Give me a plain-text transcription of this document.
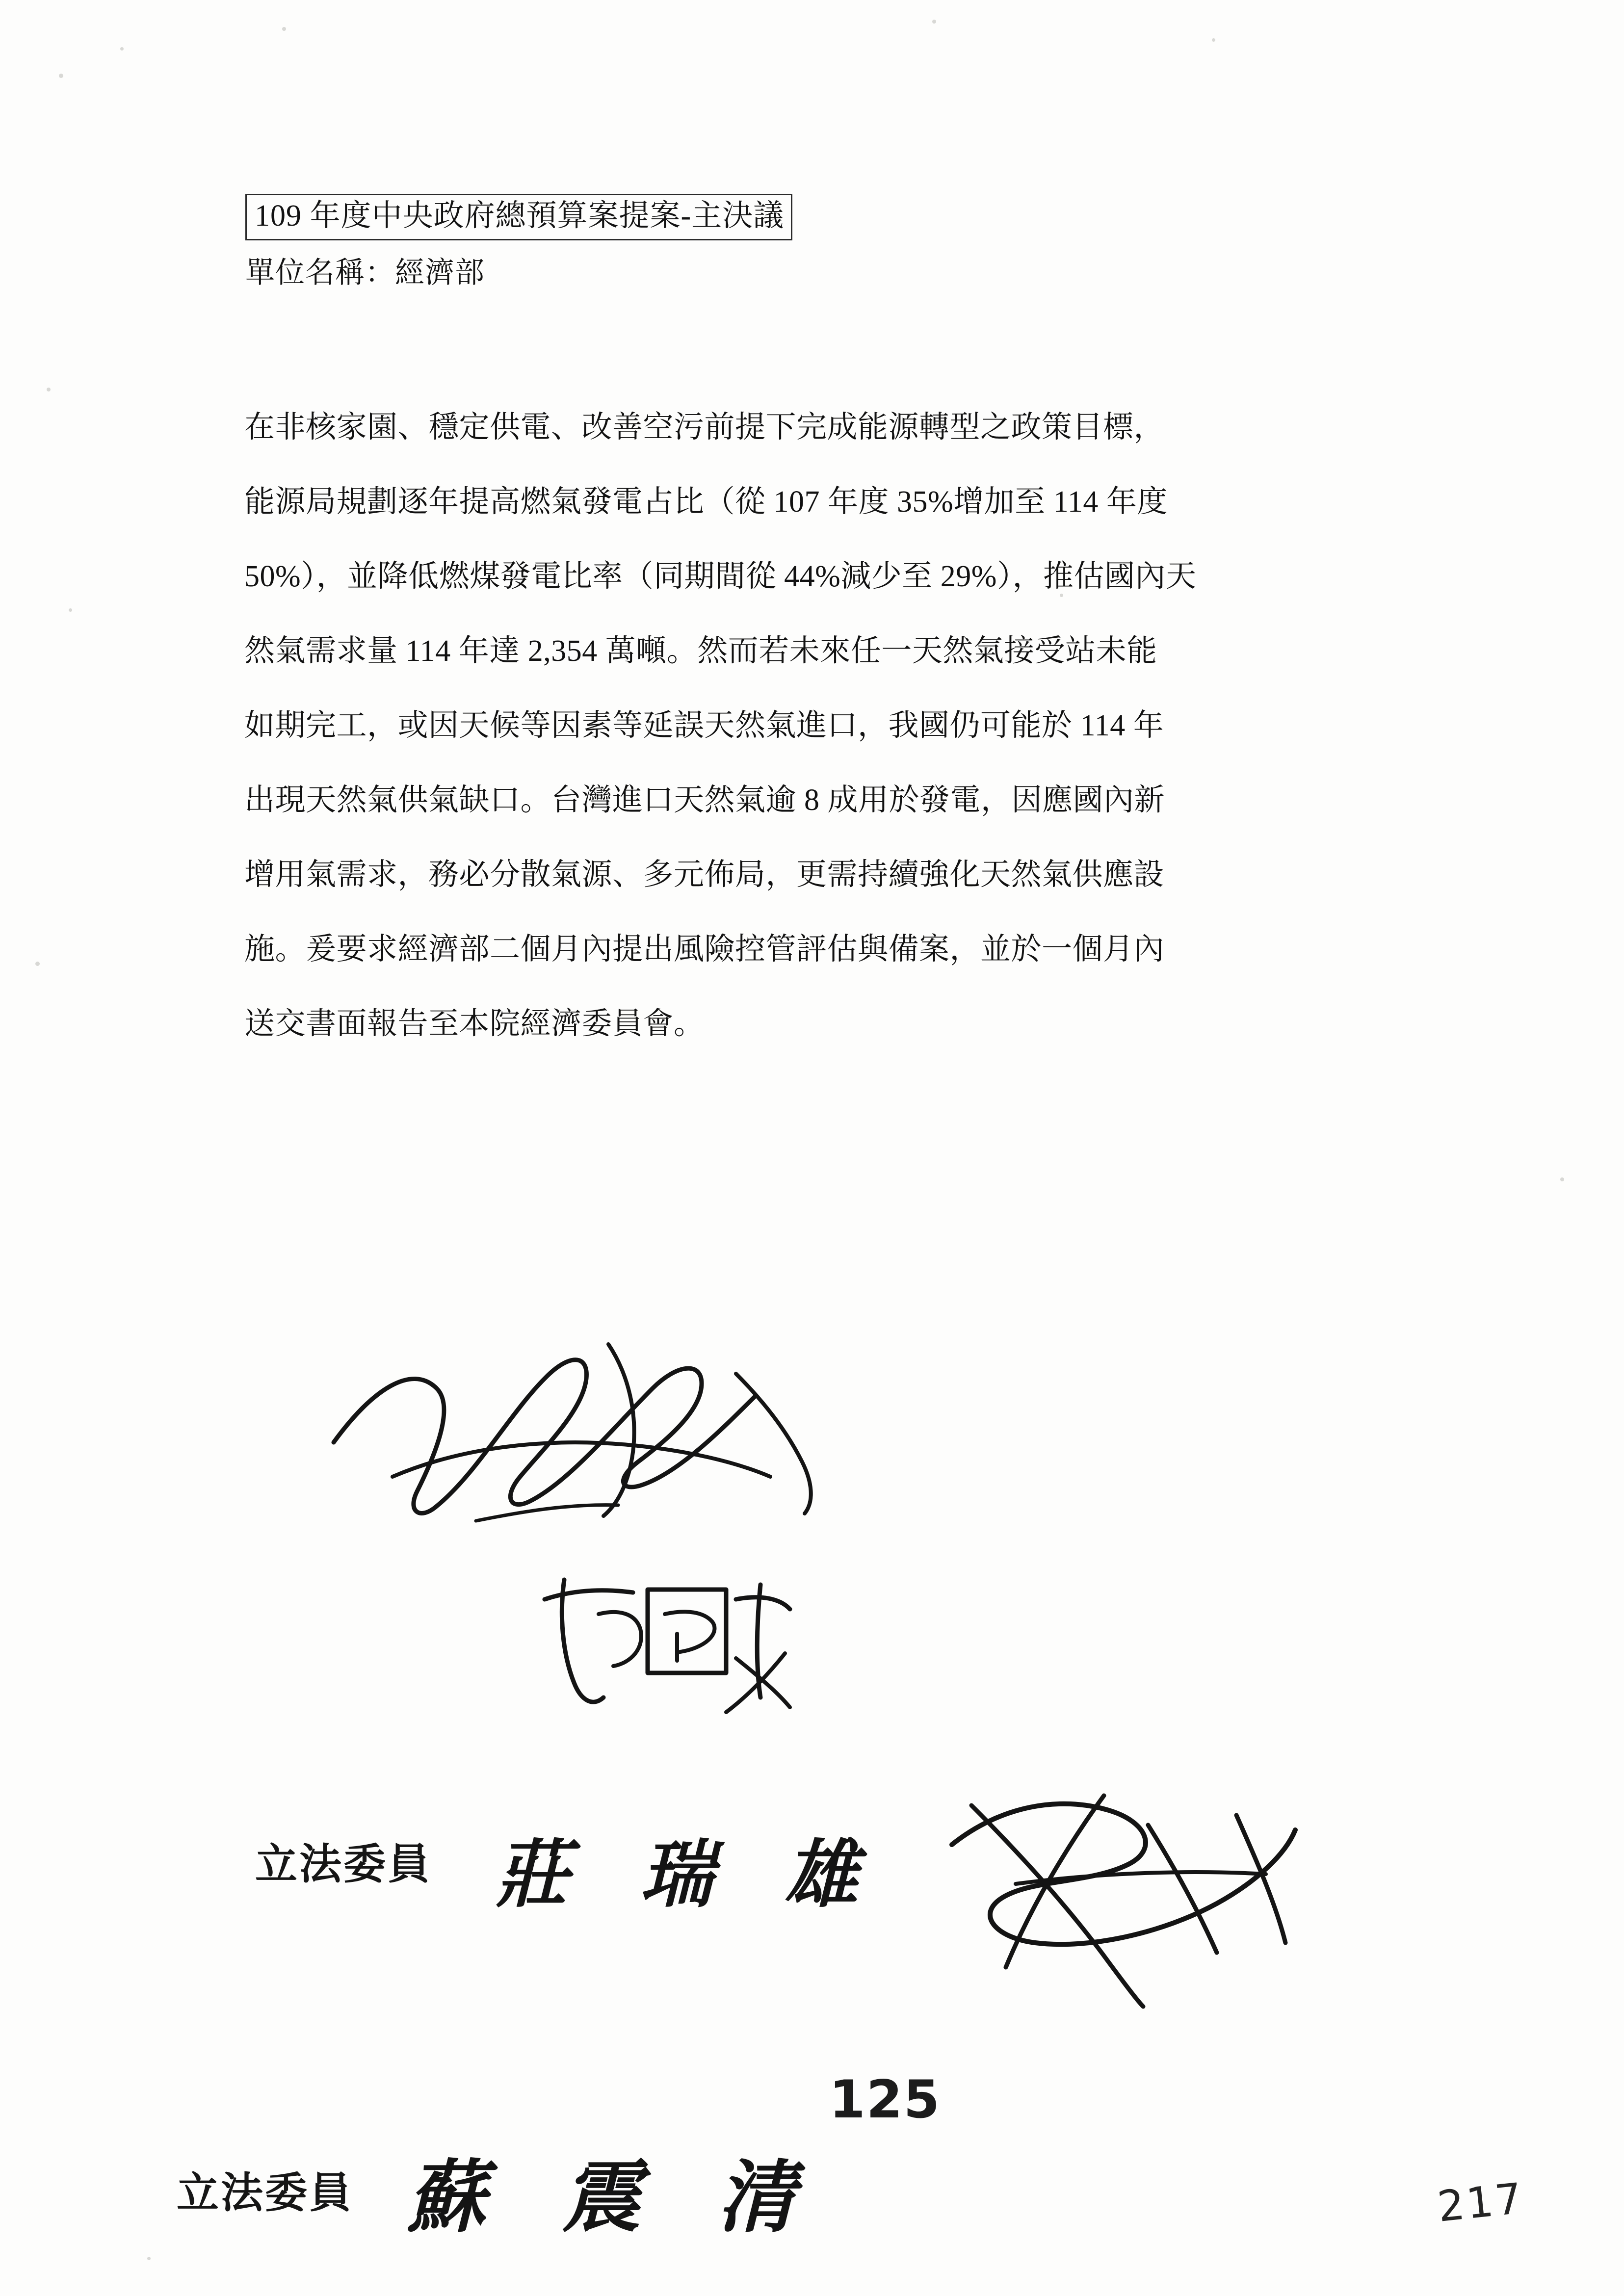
109 年度中央政府總預算案提案-主決議
單位名稱：經濟部
在非核家園、穩定供電、改善空污前提下完成能源轉型之政策目標，
能源局規劃逐年提高燃氣發電占比（從 107 年度 35%增加至 114 年度
50%），並降低燃煤發電比率（同期間從 44%減少至 29%），推估國內天
然氣需求量 114 年達 2,354 萬噸。然而若未來任一天然氣接受站未能
如期完工，或因天候等因素等延誤天然氣進口，我國仍可能於 114 年
出現天然氣供氣缺口。台灣進口天然氣逾 8 成用於發電，因應國內新
增用氣需求，務必分散氣源、多元佈局，更需持續強化天然氣供應設
施。爰要求經濟部二個月內提出風險控管評估與備案，並於一個月內
送交書面報告至本院經濟委員會。
立法委員 莊 瑞 雄
125
立法委員 蘇 震 清	217
